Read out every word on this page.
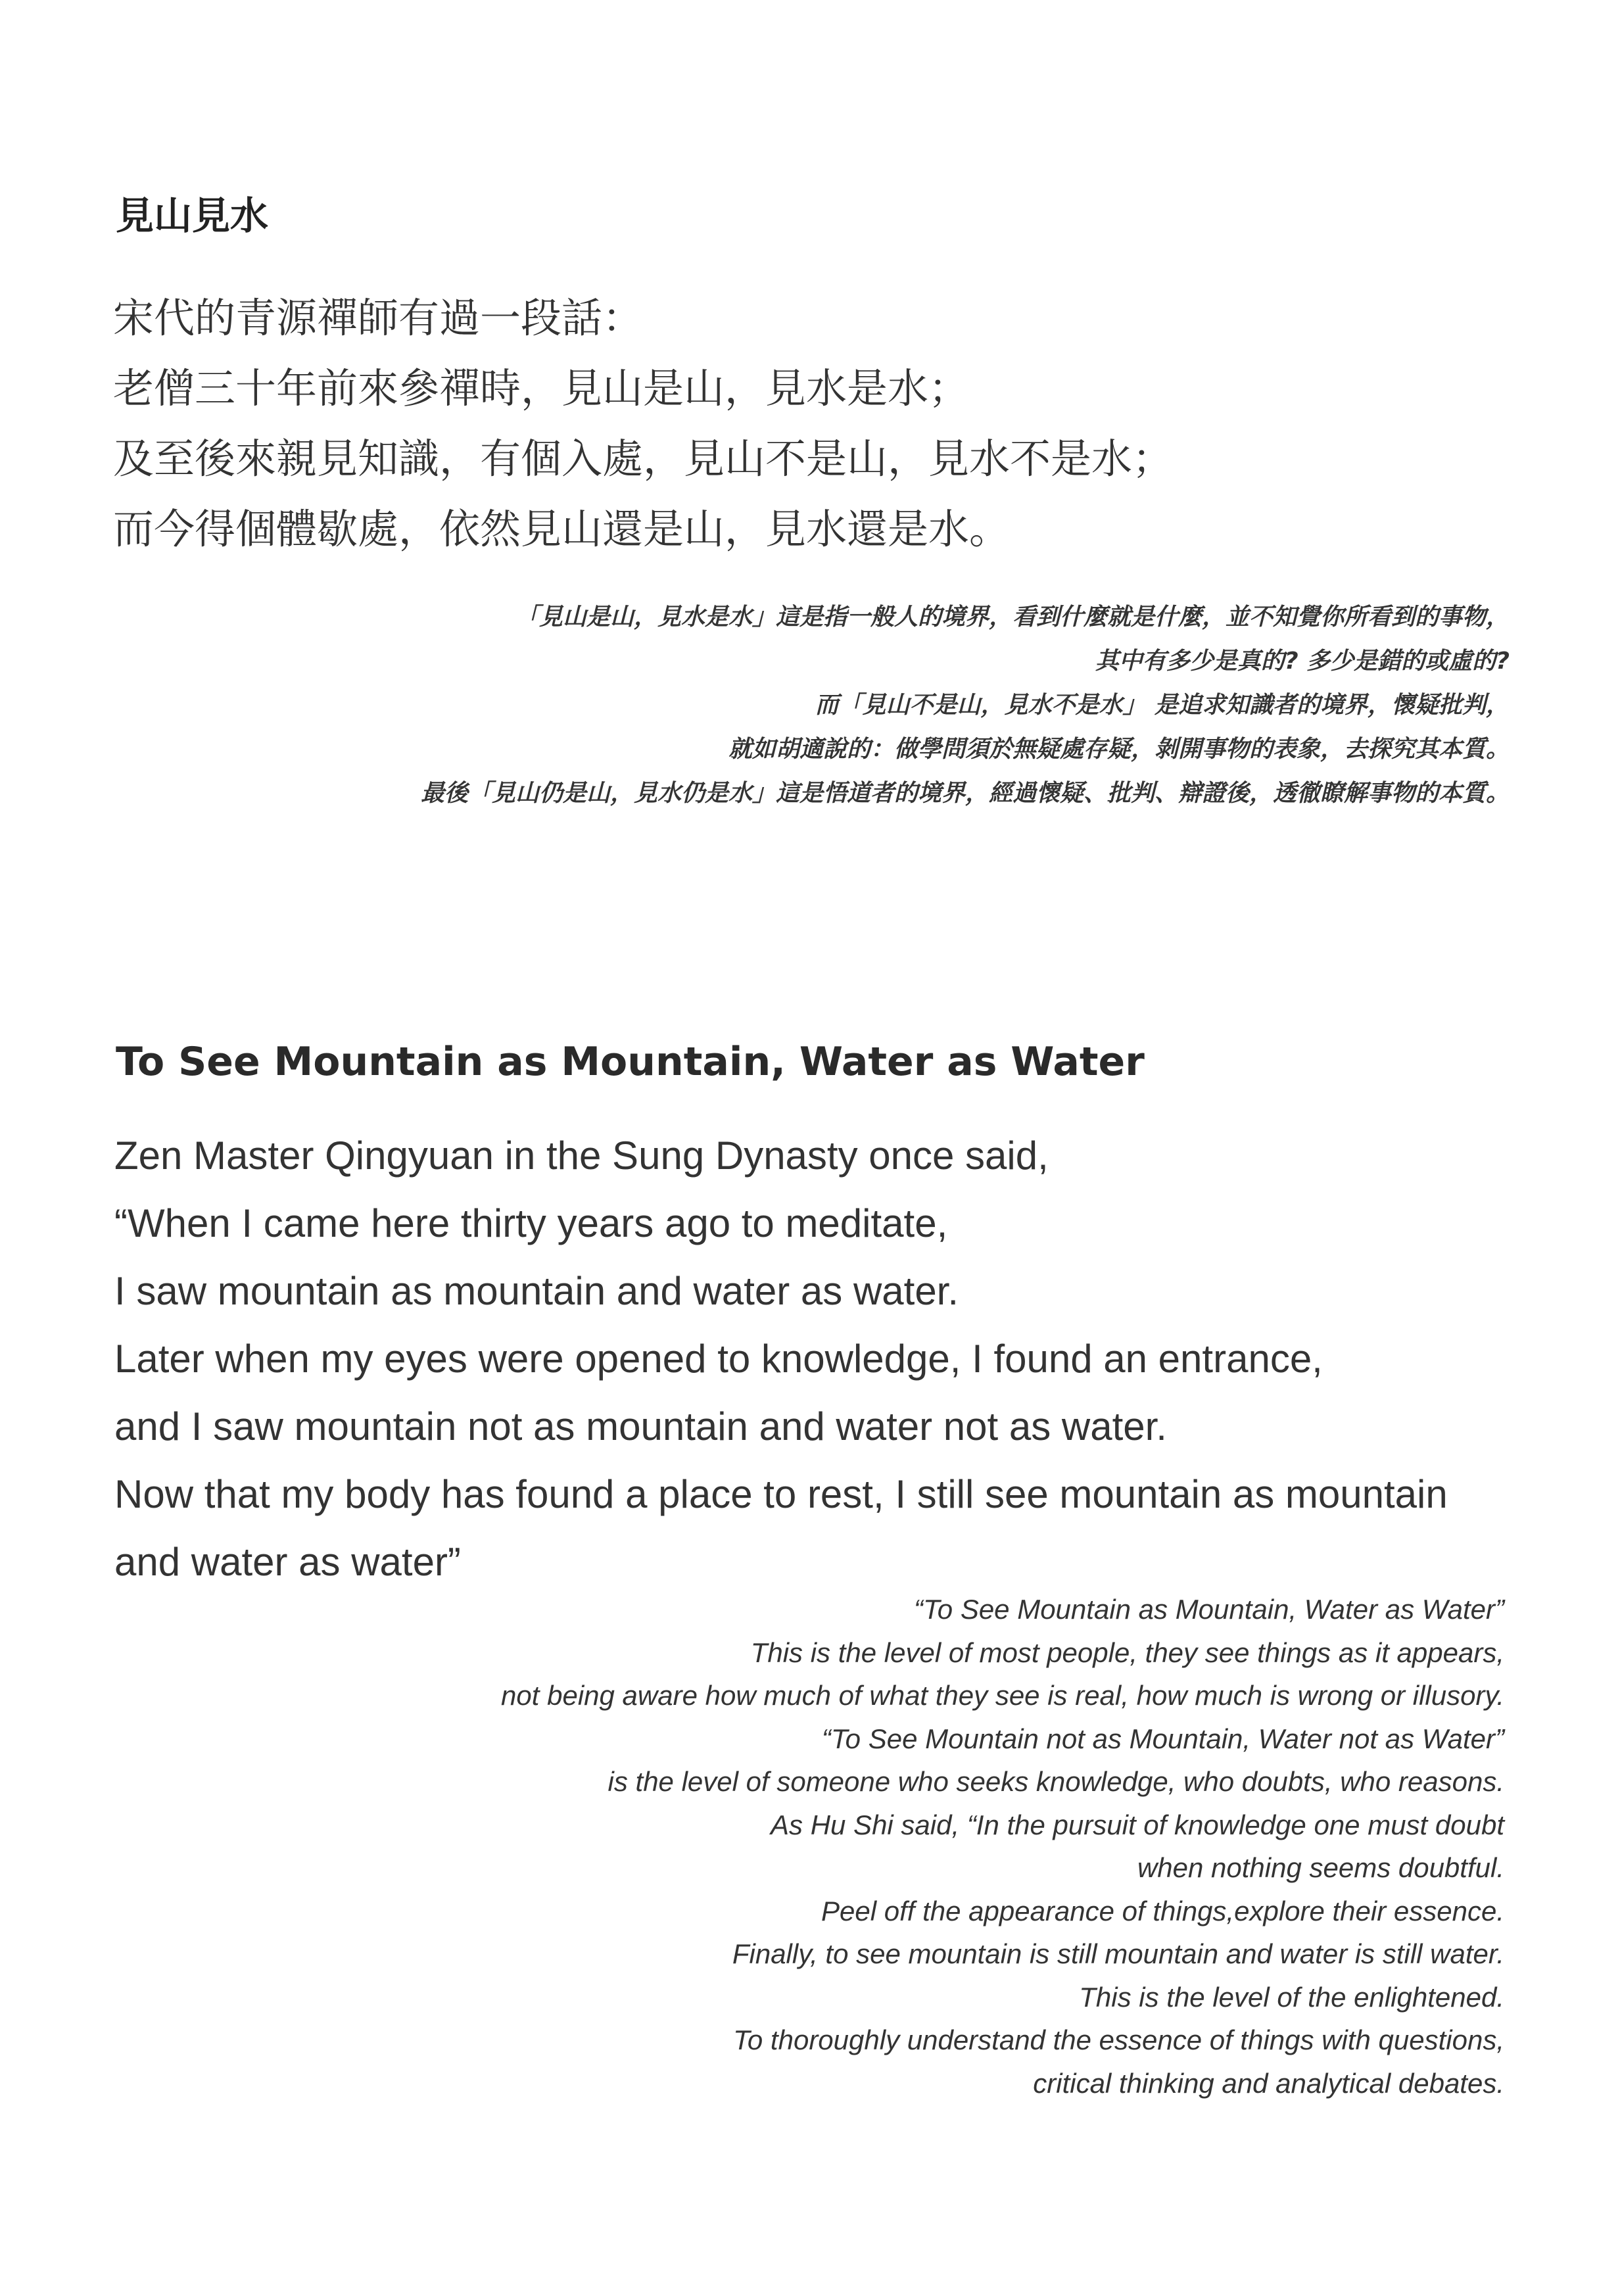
見山見水
宋代的青源禪師有過一段話：
老僧三十年前來參禪時，見山是山，見水是水；
及至後來親見知識，有個入處，見山不是山，見水不是水；
而今得個體歇處，依然見山還是山，見水還是水。
「見山是山，見水是水」這是指一般人的境界，看到什麼就是什麼，並不知覺你所看到的事物，
其中有多少是真的? 多少是錯的或虛的?
而「見山不是山，見水不是水」 是追求知識者的境界，懷疑批判，
就如胡適說的：做學問須於無疑處存疑，剝開事物的表象，去探究其本質。
最後「見山仍是山，見水仍是水」這是悟道者的境界，經過懷疑、批判、辯證後，透徹瞭解事物的本質。
To See Mountain as Mountain, Water as Water
Zen Master Qingyuan in the Sung Dynasty once said,
“When I came here thirty years ago to meditate,
I saw mountain as mountain and water as water.
Later when my eyes were opened to knowledge, I found an entrance,
and I saw mountain not as mountain and water not as water.
Now that my body has found a place to rest, I still see mountain as mountain
and water as water”
“To See Mountain as Mountain, Water as Water”
This is the level of most people, they see things as it appears,
not being aware how much of what they see is real, how much is wrong or illusory.
“To See Mountain not as Mountain, Water not as Water”
is the level of someone who seeks knowledge, who doubts, who reasons.
As Hu Shi said, “In the pursuit of knowledge one must doubt
when nothing seems doubtful.
Peel off the appearance of things,explore their essence.
Finally, to see mountain is still mountain and water is still water.
This is the level of the enlightened.
To thoroughly understand the essence of things with questions,
critical thinking and analytical debates.
